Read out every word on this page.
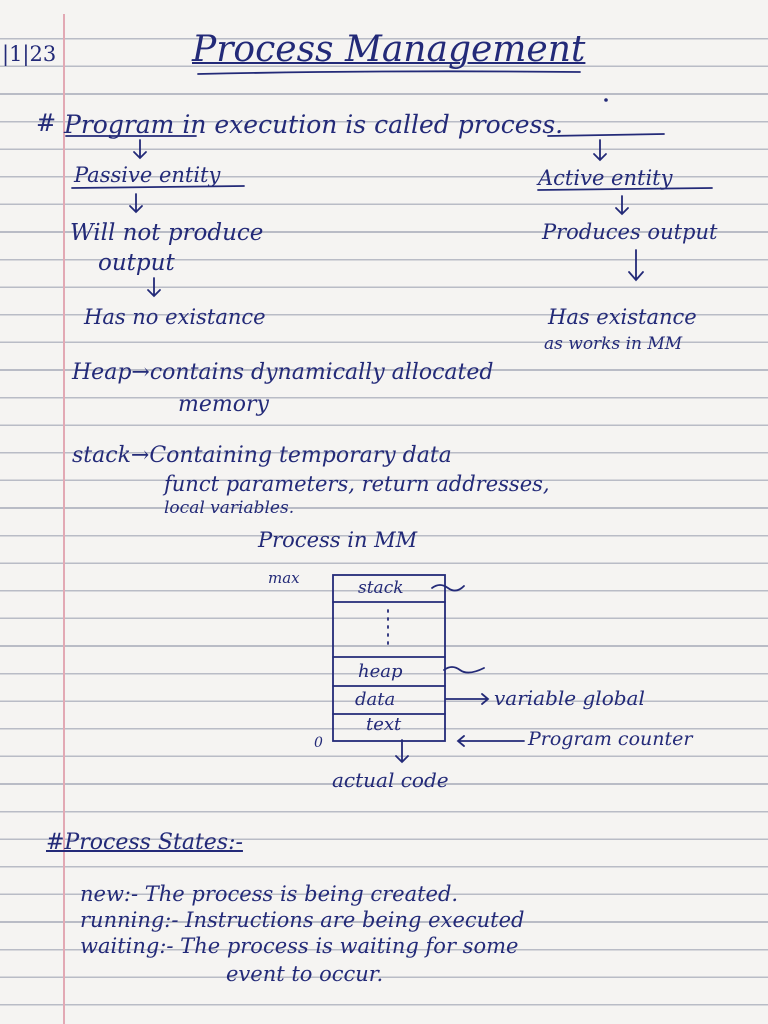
|1|23	Process Management
# Program in execution is called process.
Passive entity
Will not produce
output
Has no existance
Active entity
Produces output
Has existance
as works in MM
Heap→contains dynamically allocated
memory
stack→Containing temporary data
funct parameters, return addresses,
local variables.
Process in MM
max
0
stack
heap
data
text
variable global
Program counter
actual code
#Process States:-
new:- The process is being created.
running:- Instructions are being executed
waiting:- The process is waiting for some
event to occur.
